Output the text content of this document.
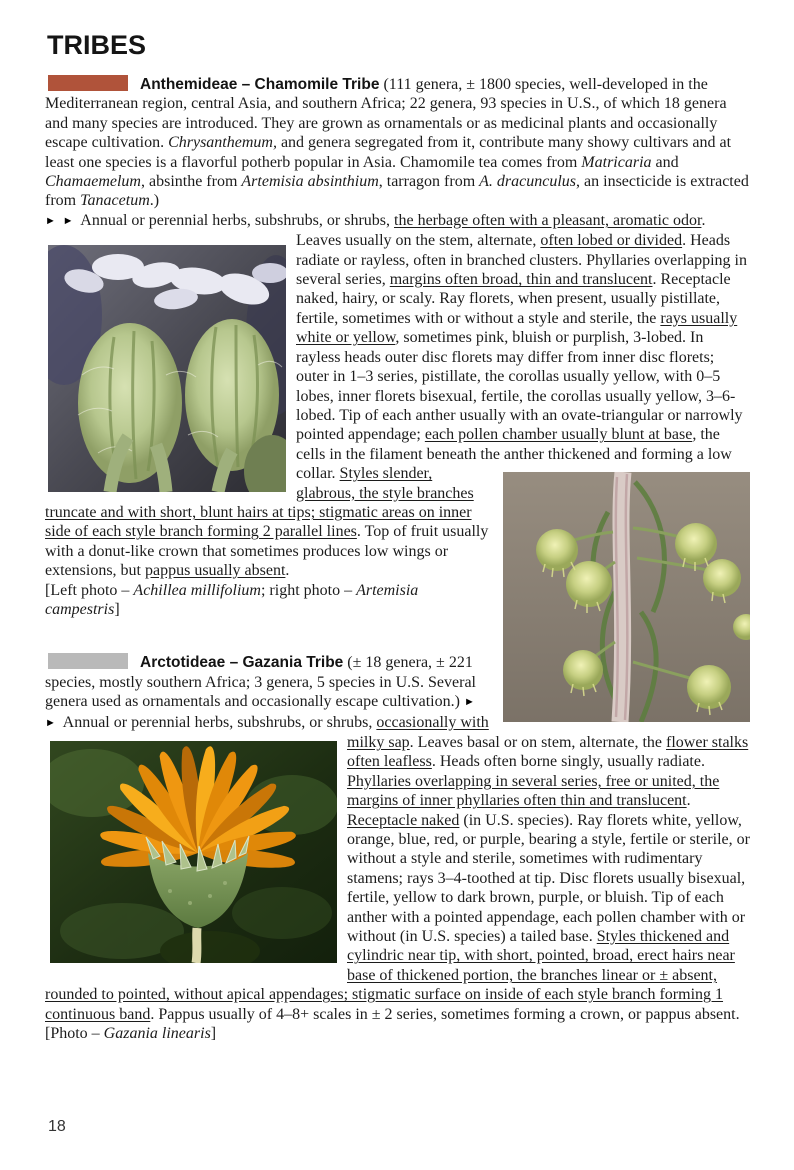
TRIBES

Anthemideae – Chamomile Tribe (111 genera, ± 1800 species, well-developed in the Mediterranean region, central Asia, and southern Africa; 22 genera, 93 species in U.S., of which 18 genera and many species are introduced. They are grown as ornamentals or as medicinal plants and occasionally escape cultivation. Chrysanthemum, and genera segregated from it, contribute many showy cultivars and at least one species is a flavorful potherb popular in Asia. Chamomile tea comes from Matricaria and Chamaemelum, absinthe from Artemisia absinthium, tarragon from A. dracunculus, an insecticide is extracted from Tanacetum.)
► ► Annual or perennial herbs, subshrubs, or shrubs, the herbage often with a pleasant, aromatic odor. Leaves usually on the stem, alternate, often lobed or divided. Heads radiate or rayless, often in branched clusters. Phyllaries overlapping in several series, margins often broad, thin and translucent. Receptacle naked, hairy, or scaly. Ray florets, when present, usually pistillate, fertile, sometimes with or without a style and sterile, the rays usually white or yellow, sometimes pink, bluish or purplish, 3-lobed. In rayless heads outer disc florets may differ from inner disc florets; outer in 1–3 series, pistillate, the corollas usually yellow, with 0–5 lobes, inner florets bisexual, fertile, the corollas usually yellow, 3–6-lobed. Tip of each anther usually with an ovate-triangular or narrowly pointed appendage; each pollen chamber usually blunt at base, the cells in the filament beneath the anther thickened and forming a low collar. Styles slender, glabrous, the style branches truncate and with short, blunt hairs at tips; stigmatic areas on inner side of each style branch forming 2 parallel lines. Top of fruit usually with a donut-like crown that sometimes produces low wings or extensions, but pappus usually absent.
[Left photo – Achillea millifolium; right photo – Artemisia campestris]

Arctotideae – Gazania Tribe (± 18 genera, ± 221 species, mostly southern Africa; 3 genera, 5 species in U.S. Several genera used as ornamentals and occasionally escape cultivation.) ► ► Annual or perennial herbs, subshrubs, or shrubs, occasionally with milky sap. Leaves basal or on stem, alternate, the flower stalks often leafless. Heads often borne singly, usually radiate. Phyllaries overlapping in several series, free or united, the margins of inner phyllaries often thin and translucent. Receptacle naked (in U.S. species). Ray florets white, yellow, orange, blue, red, or purple, bearing a style, fertile or sterile, or without a style and sterile, sometimes with rudimentary stamens; rays 3–4-toothed at tip. Disc florets usually bisexual, fertile, yellow to dark brown, purple, or bluish. Tip of each anther with a pointed appendage, each pollen chamber with or without (in U.S. species) a tailed base. Styles thickened and cylindric near tip, with short, pointed, broad, erect hairs near base of thickened portion, the branches linear or ± absent, rounded to pointed, without apical appendages; stigmatic surface on inside of each style branch forming 1 continuous band. Pappus usually of 4–8+ scales in ± 2 series, sometimes forming a crown, or pappus absent. [Photo – Gazania linearis]

18
